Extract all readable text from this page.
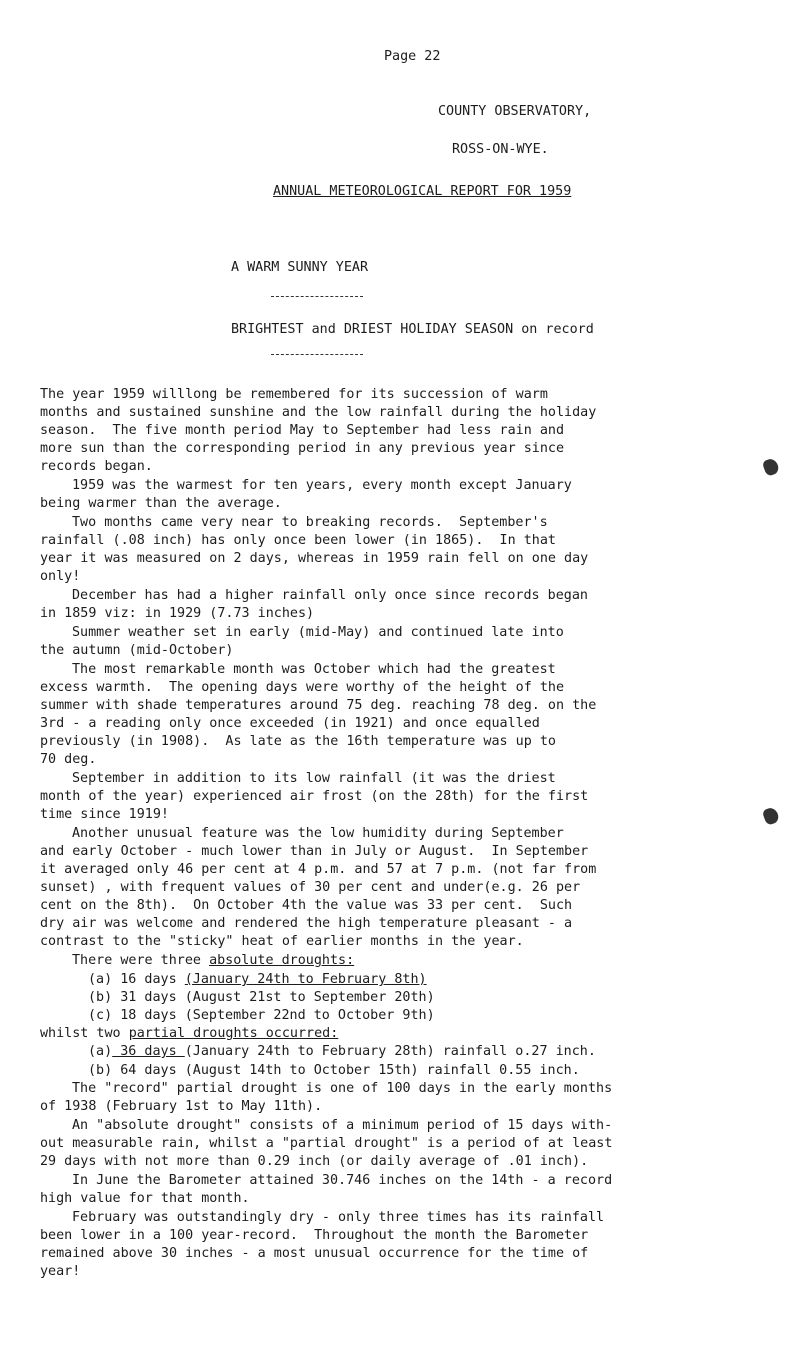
Page 22
COUNTY OBSERVATORY,
ROSS-ON-WYE.
ANNUAL METEOROLOGICAL REPORT FOR 1959
A WARM SUNNY YEAR
BRIGHTEST and DRIEST HOLIDAY SEASON on record
The year 1959 willlong be remembered for its succession of warm
months and sustained sunshine and the low rainfall during the holiday
season.  The five month period May to September had less rain and
more sun than the corresponding period in any previous year since
records began.
1959 was the warmest for ten years, every month except January
being warmer than the average.
Two months came very near to breaking records.  September's
rainfall (.08 inch) has only once been lower (in 1865).  In that
year it was measured on 2 days, whereas in 1959 rain fell on one day
only!
December has had a higher rainfall only once since records began
in 1859 viz: in 1929 (7.73 inches)
Summer weather set in early (mid-May) and continued late into
the autumn (mid-October)
The most remarkable month was October which had the greatest
excess warmth.  The opening days were worthy of the height of the
summer with shade temperatures around 75 deg. reaching 78 deg. on the
3rd - a reading only once exceeded (in 1921) and once equalled
previously (in 1908).  As late as the 16th temperature was up to
70 deg.
September in addition to its low rainfall (it was the driest
month of the year) experienced air frost (on the 28th) for the first
time since 1919!
Another unusual feature was the low humidity during September
and early October - much lower than in July or August.  In September
it averaged only 46 per cent at 4 p.m. and 57 at 7 p.m. (not far from
sunset) , with frequent values of 30 per cent and under(e.g. 26 per
cent on the 8th).  On October 4th the value was 33 per cent.  Such
dry air was welcome and rendered the high temperature pleasant - a
contrast to the "sticky" heat of earlier months in the year.
(b) 64 days (August 14th to October 15th) rainfall 0.55 inch.
The "record" partial drought is one of 100 days in the early months
of 1938 (February 1st to May 11th).
An "absolute drought" consists of a minimum period of 15 days with-
out measurable rain, whilst a "partial drought" is a period of at least
29 days with not more than 0.29 inch (or daily average of .01 inch).
In June the Barometer attained 30.746 inches on the 14th - a record
high value for that month.
February was outstandingly dry - only three times has its rainfall
been lower in a 100 year-record.  Throughout the month the Barometer
remained above 30 inches - a most unusual occurrence for the time of
year!
There were three absolute droughts:
(a) 16 days (January 24th to February 8th)
(b) 31 days (August 21st to September 20th)
(c) 18 days (September 22nd to October 9th)
whilst two partial droughts occurred:
(a) 36 days (January 24th to February 28th) rainfall o.27 inch.
